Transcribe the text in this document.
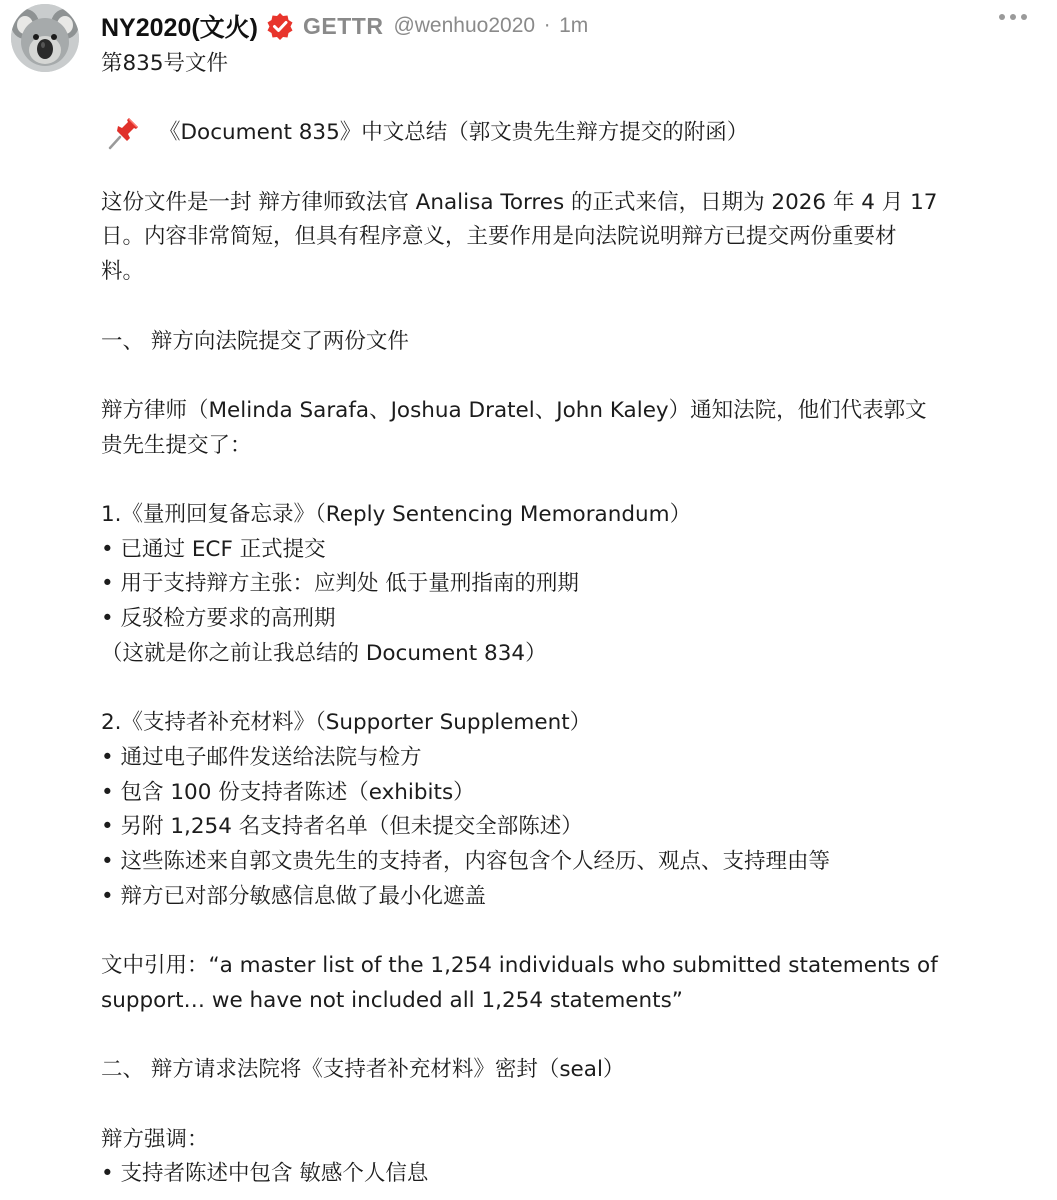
NY2020(文火) GETTR @wenhuo2020 · 1m
第835号文件
《Document 835》中文总结（郭文贵先生辩方提交的附函）
这份文件是一封 辩方律师致法官 Analisa Torres 的正式来信，日期为 2026 年 4 月 17
日。内容非常简短，但具有程序意义，主要作用是向法院说明辩方已提交两份重要材
料。
一、 辩方向法院提交了两份文件
辩方律师（Melinda Sarafa、Joshua Dratel、John Kaley）通知法院，他们代表郭文
贵先生提交了：
1.《量刑回复备忘录》（Reply Sentencing Memorandum）
• 已通过 ECF 正式提交
• 用于支持辩方主张：应判处 低于量刑指南的刑期
• 反驳检方要求的高刑期
（这就是你之前让我总结的 Document 834）
2.《支持者补充材料》（Supporter Supplement）
• 通过电子邮件发送给法院与检方
• 包含 100 份支持者陈述（exhibits）
• 另附 1,254 名支持者名单（但未提交全部陈述）
• 这些陈述来自郭文贵先生的支持者，内容包含个人经历、观点、支持理由等
• 辩方已对部分敏感信息做了最小化遮盖
文中引用：“a master list of the 1,254 individuals who submitted statements of
support… we have not included all 1,254 statements”
二、 辩方请求法院将《支持者补充材料》密封（seal）
辩方强调：
• 支持者陈述中包含 敏感个人信息
